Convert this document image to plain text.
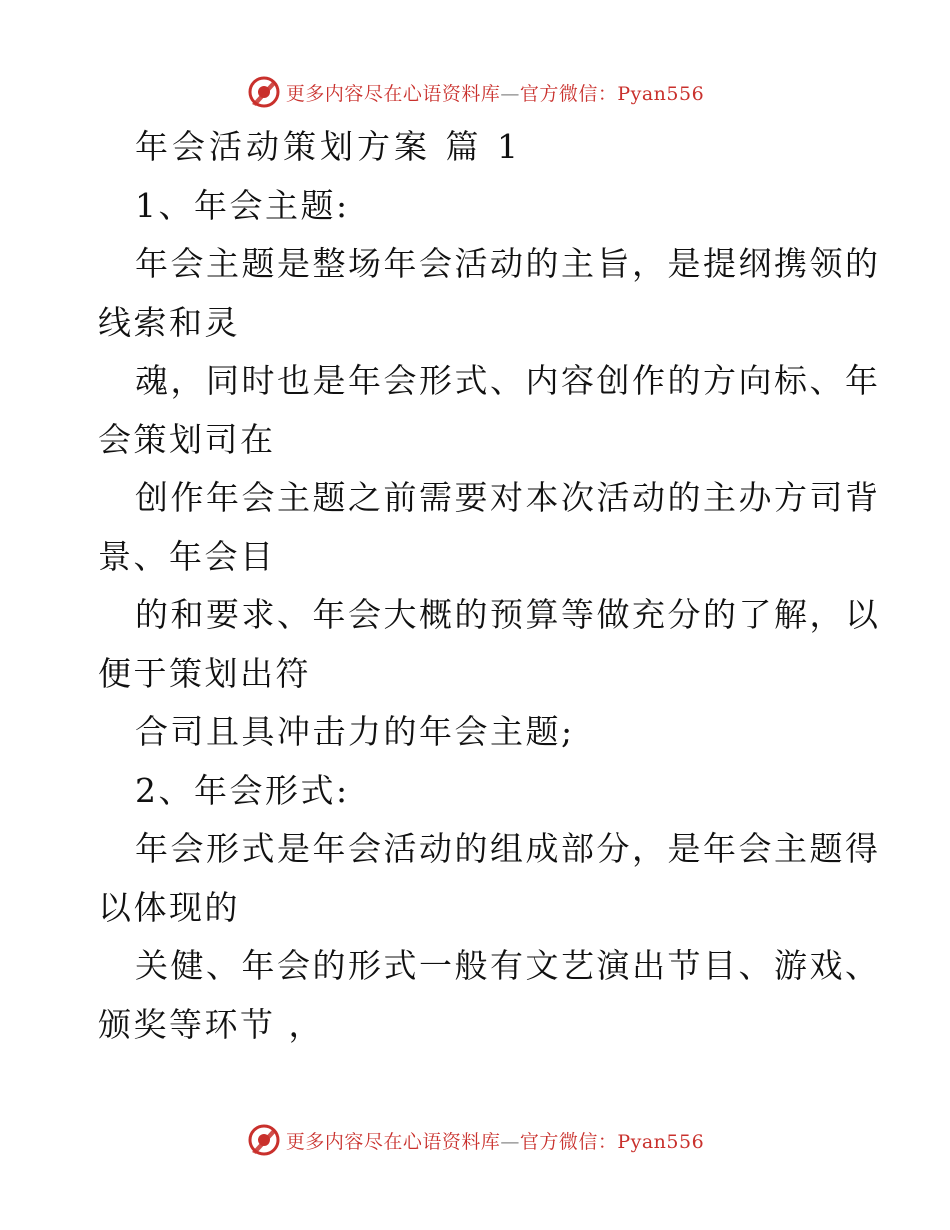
更多内容尽在心语资料库—官方微信：Pyan556
年会活动策划方案 篇 1
1、年会主题:
年会主题是整场年会活动的主旨，是提纲携领的
线索和灵
魂，同时也是年会形式、内容创作的方向标、年
会策划司在
创作年会主题之前需要对本次活动的主办方司背
景、年会目
的和要求、年会大概的预算等做充分的了解，以
便于策划出符
合司且具冲击力的年会主题;
2、年会形式:
年会形式是年会活动的组成部分，是年会主题得
以体现的
关健、年会的形式一般有文艺演出节目、游戏、
颁奖等环节 ，
更多内容尽在心语资料库—官方微信：Pyan556
